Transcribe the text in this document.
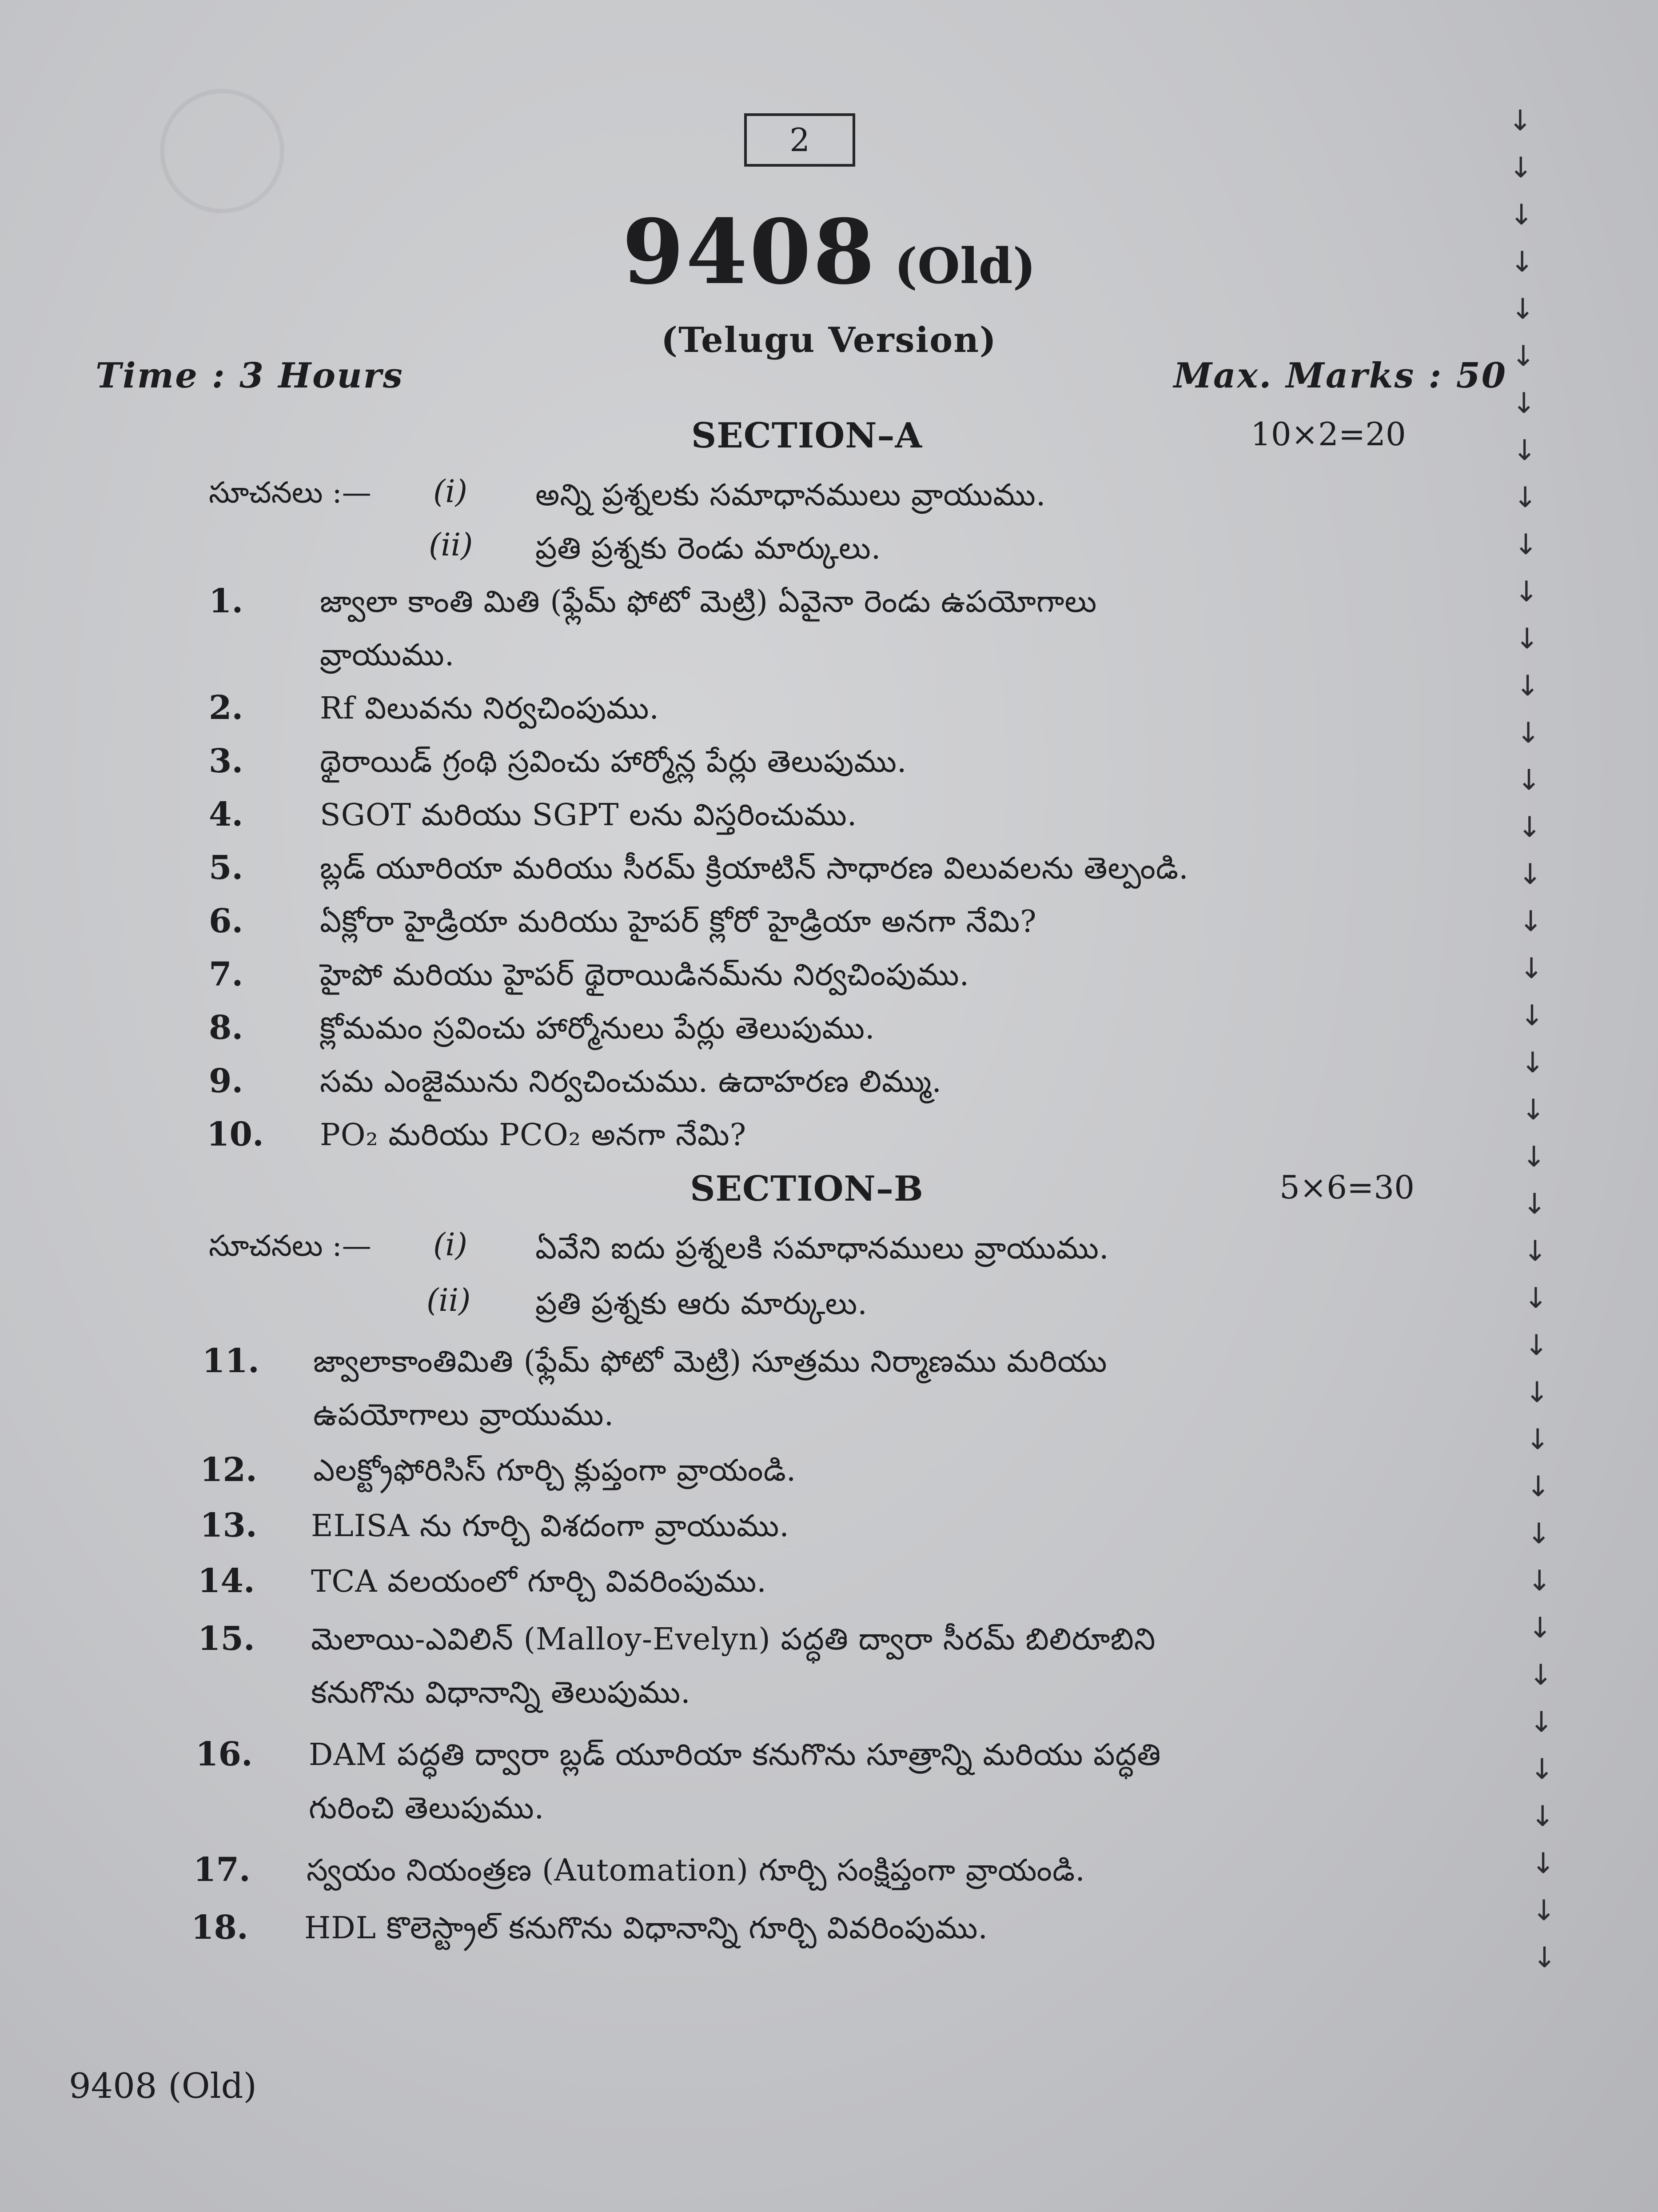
2
9408 (Old)
(Telugu Version)
Time : 3 Hours	Max. Marks : 50
SECTION–A	10×2=20
సూచనలు :— (i) అన్ని ప్రశ్నలకు సమాధానములు వ్రాయుము.
(ii) ప్రతి ప్రశ్నకు రెండు మార్కులు.
1.	జ్వాలా కాంతి మితి (ఫ్లేమ్ ఫోటో మెట్రి) ఏవైనా రెండు ఉపయోగాలు
వ్రాయుము.
2.	Rf విలువను నిర్వచింపుము.
3.	థైరాయిడ్ గ్రంథి స్రవించు హార్మోన్ల పేర్లు తెలుపుము.
4.	SGOT మరియు SGPT లను విస్తరించుము.
5.	బ్లడ్ యూరియా మరియు సీరమ్ క్రియాటిన్ సాధారణ విలువలను తెల్పండి.
6.	ఏక్లోరా హైడ్రియా మరియు హైపర్ క్లోరో హైడ్రియా అనగా నేమి?
7.	హైపో మరియు హైపర్ థైరాయిడినమ్‌ను నిర్వచింపుము.
8.	క్లోమమం స్రవించు హార్మోనులు పేర్లు తెలుపుము.
9.	సమ ఎంజైమును నిర్వచించుము. ఉదాహరణ లిమ్ము.
10. PO₂ మరియు PCO₂ అనగా నేమి?
SECTION–B	5×6=30
సూచనలు :— (i) ఏవేని ఐదు ప్రశ్నలకి సమాధానములు వ్రాయుము.
(ii) ప్రతి ప్రశ్నకు ఆరు మార్కులు.
11. జ్వాలాకాంతిమితి (ఫ్లేమ్ ఫోటో మెట్రి) సూత్రము నిర్మాణము మరియు
ఉపయోగాలు వ్రాయుము.
12. ఎలక్ట్రోఫోరిసిస్ గూర్చి క్లుప్తంగా వ్రాయండి.
13. ELISA ను గూర్చి విశదంగా వ్రాయుము.
14. TCA వలయంలో గూర్చి వివరింపుము.
15. మెలాయి-ఎవిలిన్ (Malloy-Evelyn) పద్ధతి ద్వారా సీరమ్ బిలిరూబిని
కనుగొను విధానాన్ని తెలుపుము.
16. DAM పద్ధతి ద్వారా బ్లడ్ యూరియా కనుగొను సూత్రాన్ని మరియు పద్ధతి
గురించి తెలుపుము.
17. స్వయం నియంత్రణ (Automation) గూర్చి సంక్షిప్తంగా వ్రాయండి.
18. HDL కొలెస్ట్రాల్ కనుగొను విధానాన్ని గూర్చి వివరింపుము.
9408 (Old)
↓
↓
↓
↓
↓
↓
↓
↓
↓
↓
↓
↓
↓
↓
↓
↓
↓
↓
↓
↓
↓
↓
↓
↓
↓
↓
↓
↓
↓
↓
↓
↓
↓
↓
↓
↓
↓
↓
↓
↓
